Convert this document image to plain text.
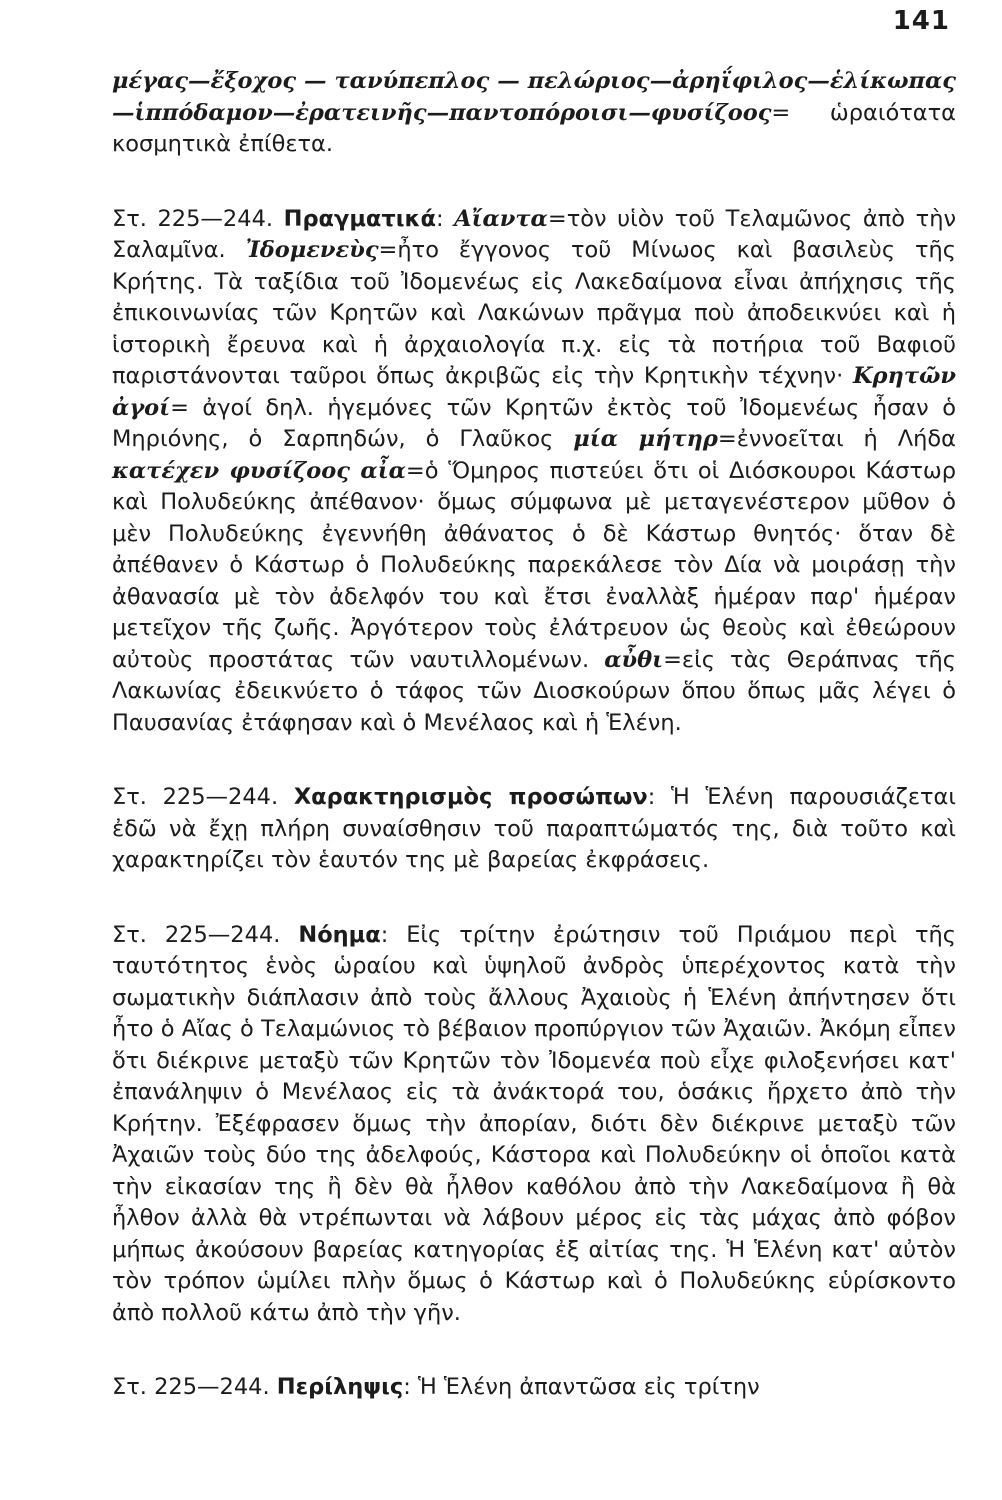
141

μέγας—ἔξοχος — τανύπεπλος — πελώριος—ἀρηΐφιλος—ἑλίκωπας —ἱππόδαμον—ἐρατεινῆς—παντοπόροισι—φυσίζοος= ὡραιότατα κοσμητικὰ ἐπίθετα.

Στ. 225—244. Πραγματικά: Αἴαντα=τὸν υἱὸν τοῦ Τελαμῶνος ἀπὸ τὴν Σαλαμῖνα. Ἰδομενεὺς=ἦτο ἔγγονος τοῦ Μίνωος καὶ βασιλεὺς τῆς Κρήτης. Τὰ ταξίδια τοῦ Ἰδομενέως εἰς Λακεδαίμονα εἶναι ἀπήχησις τῆς ἐπικοινωνίας τῶν Κρητῶν καὶ Λακώνων πρᾶγμα ποὺ ἀποδεικνύει καὶ ἡ ἱστορικὴ ἔρευνα καὶ ἡ ἀρχαιολογία π.χ. εἰς τὰ ποτήρια τοῦ Βαφιοῦ παριστάνονται ταῦροι ὅπως ἀκριβῶς εἰς τὴν Κρητικὴν τέχνην· Κρητῶν ἀγοί= ἀγοί δηλ. ἡγεμόνες τῶν Κρητῶν ἐκτὸς τοῦ Ἰδομενέως ἦσαν ὁ Μηριόνης, ὁ Σαρπηδών, ὁ Γλαῦκος μία μήτηρ=ἐννοεῖται ἡ Λήδα κατέχεν φυσίζοος αἶα=ὁ Ὅμηρος πιστεύει ὅτι οἱ Διόσκουροι Κάστωρ καὶ Πολυδεύκης ἀπέθανον· ὅμως σύμφωνα μὲ μεταγενέστερον μῦθον ὁ μὲν Πολυδεύκης ἐγεννήθη ἀθάνατος ὁ δὲ Κάστωρ θνητός· ὅταν δὲ ἀπέθανεν ὁ Κάστωρ ὁ Πολυδεύκης παρεκάλεσε τὸν Δία νὰ μοιράσῃ τὴν ἀθανασία μὲ τὸν ἀδελφόν του καὶ ἔτσι ἐναλλὰξ ἡμέραν παρ' ἡμέραν μετεῖχον τῆς ζωῆς. Ἀργότερον τοὺς ἐλάτρευον ὡς θεοὺς καὶ ἐθεώρουν αὐτοὺς προστάτας τῶν ναυτιλλομένων. αὖθι=εἰς τὰς Θεράπνας τῆς Λακωνίας ἐδεικνύετο ὁ τάφος τῶν Διοσκούρων ὅπου ὅπως μᾶς λέγει ὁ Παυσανίας ἐτάφησαν καὶ ὁ Μενέλαος καὶ ἡ Ἑλένη.

Στ. 225—244. Χαρακτηρισμὸς προσώπων: Ἡ Ἑλένη παρουσιάζεται ἐδῶ νὰ ἔχῃ πλήρη συναίσθησιν τοῦ παραπτώματός της, διὰ τοῦτο καὶ χαρακτηρίζει τὸν ἑαυτόν της μὲ βαρείας ἐκφράσεις.

Στ. 225—244. Νόημα: Εἰς τρίτην ἐρώτησιν τοῦ Πριάμου περὶ τῆς ταυτότητος ἑνὸς ὡραίου καὶ ὑψηλοῦ ἀνδρὸς ὑπερέχοντος κατὰ τὴν σωματικὴν διάπλασιν ἀπὸ τοὺς ἄλλους Ἀχαιοὺς ἡ Ἑλένη ἀπήντησεν ὅτι ἦτο ὁ Αἴας ὁ Τελαμώνιος τὸ βέβαιον προπύργιον τῶν Ἀχαιῶν. Ἀκόμη εἶπεν ὅτι διέκρινε μεταξὺ τῶν Κρητῶν τὸν Ἰδομενέα ποὺ εἶχε φιλοξενήσει κατ' ἐπανάληψιν ὁ Μενέλαος εἰς τὰ ἀνάκτορά του, ὁσάκις ἤρχετο ἀπὸ τὴν Κρήτην. Ἐξέφρασεν ὅμως τὴν ἀπορίαν, διότι δὲν διέκρινε μεταξὺ τῶν Ἀχαιῶν τοὺς δύο της ἀδελφούς, Κάστορα καὶ Πολυδεύκην οἱ ὁποῖοι κατὰ τὴν εἰκασίαν της ἢ δὲν θὰ ἦλθον καθόλου ἀπὸ τὴν Λακεδαίμονα ἢ θὰ ἦλθον ἀλλὰ θὰ ντρέπωνται νὰ λάβουν μέρος εἰς τὰς μάχας ἀπὸ φόβον μήπως ἀκούσουν βαρείας κατηγορίας ἐξ αἰτίας της. Ἡ Ἑλένη κατ' αὐτὸν τὸν τρόπον ὡμίλει πλὴν ὅμως ὁ Κάστωρ καὶ ὁ Πολυδεύκης εὑρίσκοντο ἀπὸ πολλοῦ κάτω ἀπὸ τὴν γῆν.

Στ. 225—244. Περίληψις: Ἡ Ἑλένη ἀπαντῶσα εἰς τρίτην
